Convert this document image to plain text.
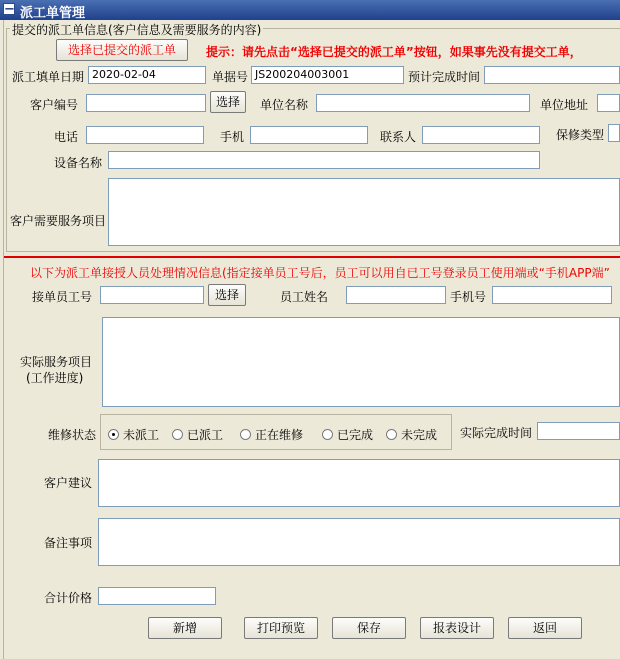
− 派工单管理
提交的派工单信息(客户信息及需要服务的内容)
选择已提交的派工单	提示：请先点击“选择已提交的派工单”按钮，如果事先没有提交工单，
派工填单日期 2020-02-04	单据号 JS200204003001	预计完成时间
客户编号	选择	单位名称	单位地址
电话	手机	联系人	保修类型
设备名称
客户需要服务项目
以下为派工单接授人员处理情况信息(指定接单员工号后，员工可以用自已工号登录员工使用端或“手机APP端”
接单员工号	选择	员工姓名	手机号
实际服务项目
(工作进度)
维修状态	未派工	已派工	正在维修	已完成	未完成 实际完成时间
客户建议
备注事项
合计价格
新增	打印预览	保存	报表设计	返回
